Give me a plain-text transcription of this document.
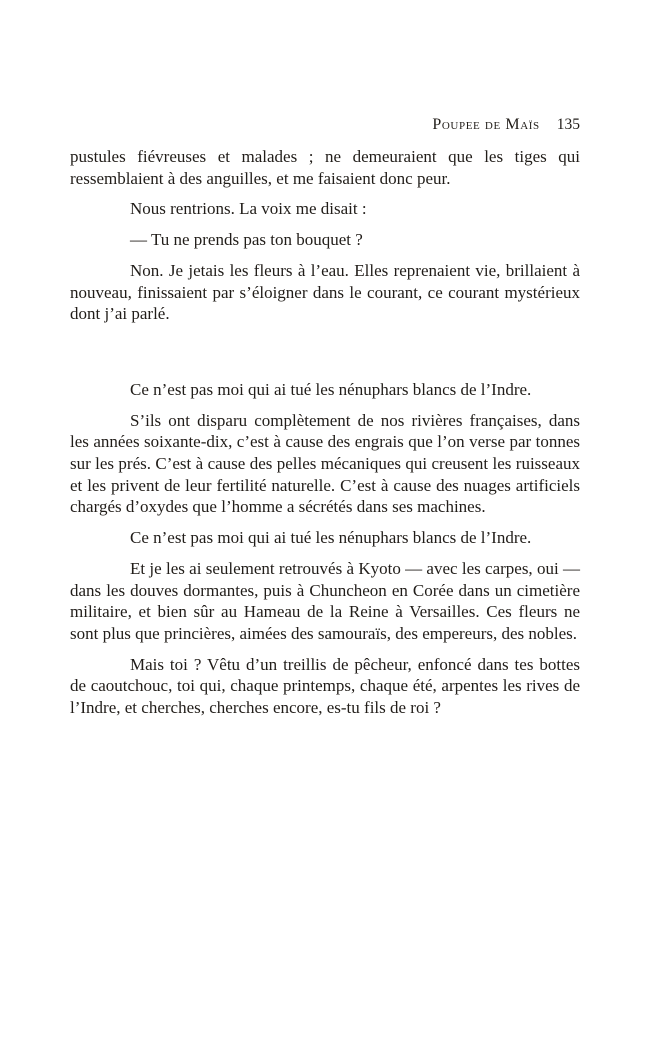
Poupee de Maïs 135

pustules fiévreuses et malades ; ne demeuraient que les tiges qui ressemblaient à des anguilles, et me faisaient donc peur.

Nous rentrions. La voix me disait :

— Tu ne prends pas ton bouquet ?

Non. Je jetais les fleurs à l’eau. Elles reprenaient vie, brillaient à nouveau, finissaient par s’éloigner dans le courant, ce courant mystérieux dont j’ai parlé.

Ce n’est pas moi qui ai tué les nénuphars blancs de l’Indre.

S’ils ont disparu complètement de nos rivières françaises, dans les années soixante-dix, c’est à cause des engrais que l’on verse par tonnes sur les prés. C’est à cause des pelles mécaniques qui creusent les ruisseaux et les privent de leur fertilité naturelle. C’est à cause des nuages artificiels chargés d’oxydes que l’homme a sécrétés dans ses machines.

Ce n’est pas moi qui ai tué les nénuphars blancs de l’Indre.

Et je les ai seulement retrouvés à Kyoto — avec les carpes, oui — dans les douves dormantes, puis à Chuncheon en Corée dans un cimetière militaire, et bien sûr au Hameau de la Reine à Versailles. Ces fleurs ne sont plus que princières, aimées des samouraïs, des empereurs, des nobles.

Mais toi ? Vêtu d’un treillis de pêcheur, enfoncé dans tes bottes de caoutchouc, toi qui, chaque printemps, chaque été, arpentes les rives de l’Indre, et cherches, cherches encore, es-tu fils de roi ?
